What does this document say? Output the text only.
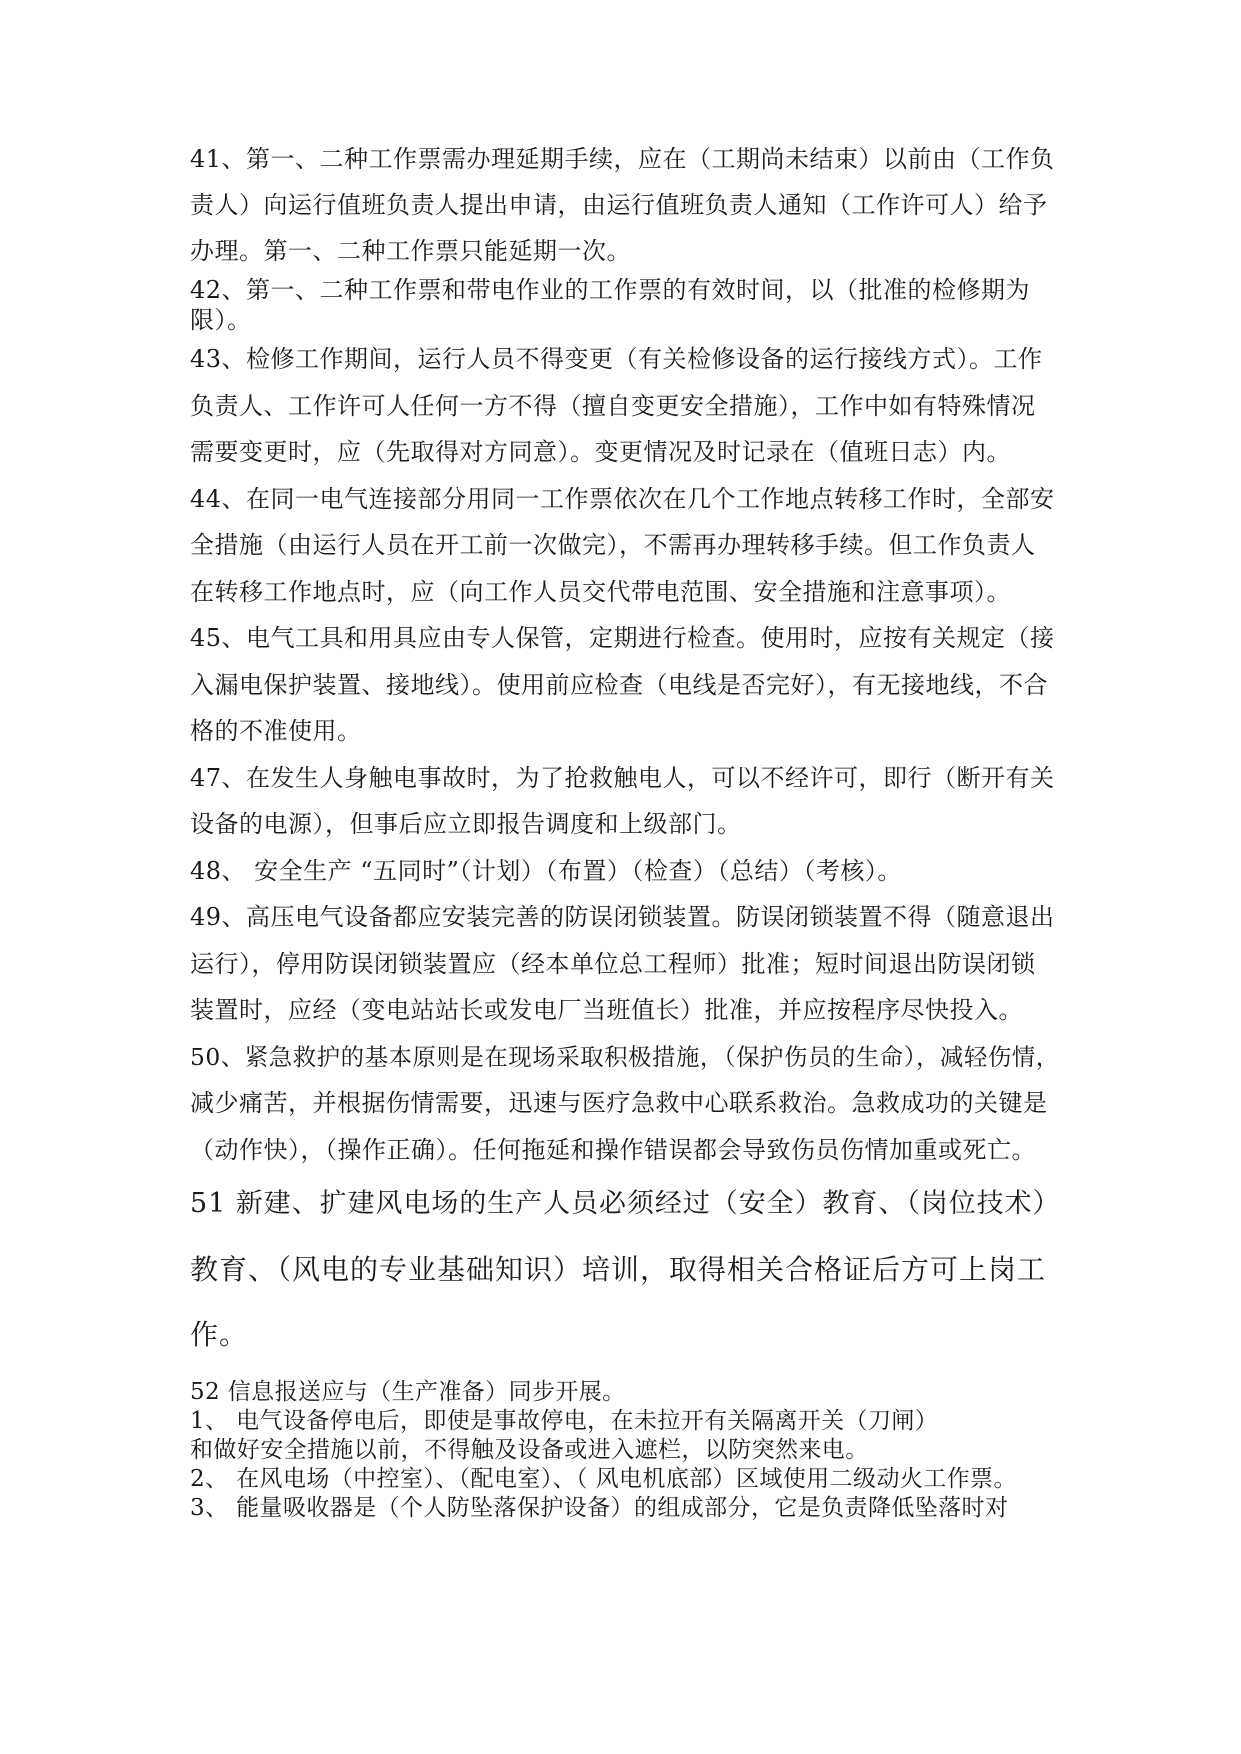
41、第一、二种工作票需办理延期手续，应在（工期尚未结束）以前由（工作负
责人）向运行值班负责人提出申请，由运行值班负责人通知（工作许可人）给予
办理。第一、二种工作票只能延期一次。
42、第一、二种工作票和带电作业的工作票的有效时间，以（批准的检修期为
限）。
43、检修工作期间，运行人员不得变更（有关检修设备的运行接线方式）。工作
负责人、工作许可人任何一方不得（擅自变更安全措施），工作中如有特殊情况
需要变更时，应（先取得对方同意）。变更情况及时记录在（值班日志）内。
44、在同一电气连接部分用同一工作票依次在几个工作地点转移工作时，全部安
全措施（由运行人员在开工前一次做完），不需再办理转移手续。但工作负责人
在转移工作地点时，应（向工作人员交代带电范围、安全措施和注意事项）。
45、电气工具和用具应由专人保管，定期进行检查。使用时，应按有关规定（接
入漏电保护装置、接地线）。使用前应检查（电线是否完好），有无接地线，不合
格的不准使用。
47、在发生人身触电事故时，为了抢救触电人，可以不经许可，即行（断开有关
设备的电源），但事后应立即报告调度和上级部门。
48、 安全生产 “五同时”（计划）（布置）（检查）（总结）（考核）。
49、高压电气设备都应安装完善的防误闭锁装置。防误闭锁装置不得（随意退出
运行），停用防误闭锁装置应（经本单位总工程师）批准；短时间退出防误闭锁
装置时，应经（变电站站长或发电厂当班值长）批准，并应按程序尽快投入。
50、紧急救护的基本原则是在现场采取积极措施，（保护伤员的生命），减轻伤情，
减少痛苦，并根据伤情需要，迅速与医疗急救中心联系救治。急救成功的关键是
（动作快），（操作正确）。任何拖延和操作错误都会导致伤员伤情加重或死亡。
51 新建、扩建风电场的生产人员必须经过（安全）教育、（岗位技术）
教育、（风电的专业基础知识）培训，取得相关合格证后方可上岗工
作。
52 信息报送应与（生产准备）同步开展。
1、 电气设备停电后，即使是事故停电，在未拉开有关隔离开关（刀闸）
和做好安全措施以前，不得触及设备或进入遮栏，以防突然来电。
2、 在风电场（中控室）、（配电室）、（ 风电机底部）区域使用二级动火工作票。
3、 能量吸收器是（个人防坠落保护设备）的组成部分，它是负责降低坠落时对
